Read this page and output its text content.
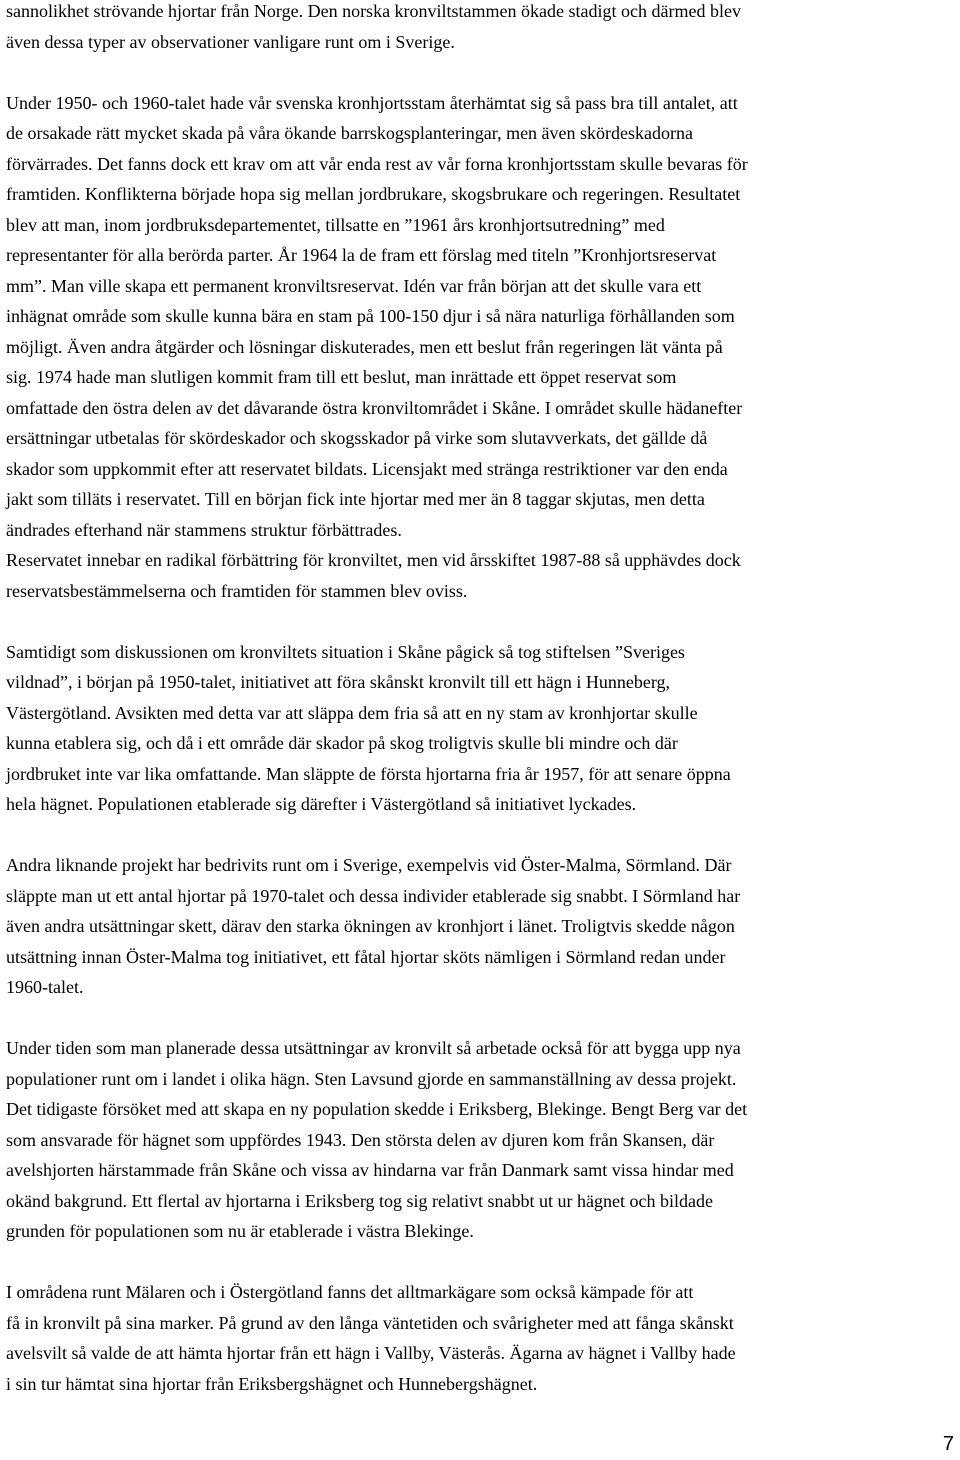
sannolikhet strövande hjortar från Norge. Den norska kronviltstammen ökade stadigt och därmed blev
även dessa typer av observationer vanligare runt om i Sverige.

Under 1950- och 1960-talet hade vår svenska kronhjortsstam återhämtat sig så pass bra till antalet, att
de orsakade rätt mycket skada på våra ökande barrskogsplanteringar, men även skördeskadorna
förvärrades. Det fanns dock ett krav om att vår enda rest av vår forna kronhjortsstam skulle bevaras för
framtiden. Konflikterna började hopa sig mellan jordbrukare, skogsbrukare och regeringen. Resultatet
blev att man, inom jordbruksdepartementet, tillsatte en ”1961 års kronhjortsutredning” med
representanter för alla berörda parter. År 1964 la de fram ett förslag med titeln ”Kronhjortsreservat
mm”. Man ville skapa ett permanent kronviltsreservat. Idén var från början att det skulle vara ett
inhägnat område som skulle kunna bära en stam på 100-150 djur i så nära naturliga förhållanden som
möjligt. Även andra åtgärder och lösningar diskuterades, men ett beslut från regeringen lät vänta på
sig. 1974 hade man slutligen kommit fram till ett beslut, man inrättade ett öppet reservat som
omfattade den östra delen av det dåvarande östra kronviltområdet i Skåne. I området skulle hädanefter
ersättningar utbetalas för skördeskador och skogsskador på virke som slutavverkats, det gällde då
skador som uppkommit efter att reservatet bildats. Licensjakt med stränga restriktioner var den enda
jakt som tilläts i reservatet. Till en början fick inte hjortar med mer än 8 taggar skjutas, men detta
ändrades efterhand när stammens struktur förbättrades.

Reservatet innebar en radikal förbättring för kronviltet, men vid årsskiftet 1987-88 så upphävdes dock
reservatsbestämmelserna och framtiden för stammen blev oviss.

Samtidigt som diskussionen om kronviltets situation i Skåne pågick så tog stiftelsen ”Sveriges
vildnad”, i början på 1950-talet, initiativet att föra skånskt kronvilt till ett hägn i Hunneberg,
Västergötland. Avsikten med detta var att släppa dem fria så att en ny stam av kronhjortar skulle
kunna etablera sig, och då i ett område där skador på skog troligtvis skulle bli mindre och där
jordbruket inte var lika omfattande. Man släppte de första hjortarna fria år 1957, för att senare öppna
hela hägnet. Populationen etablerade sig därefter i Västergötland så initiativet lyckades.

Andra liknande projekt har bedrivits runt om i Sverige, exempelvis vid Öster-Malma, Sörmland. Där
släppte man ut ett antal hjortar på 1970-talet och dessa individer etablerade sig snabbt. I Sörmland har
även andra utsättningar skett, därav den starka ökningen av kronhjort i länet. Troligtvis skedde någon
utsättning innan Öster-Malma tog initiativet, ett fåtal hjortar sköts nämligen i Sörmland redan under
1960-talet.

Under tiden som man planerade dessa utsättningar av kronvilt så arbetade också för att bygga upp nya
populationer runt om i landet i olika hägn. Sten Lavsund gjorde en sammanställning av dessa projekt.
Det tidigaste försöket med att skapa en ny population skedde i Eriksberg, Blekinge. Bengt Berg var det
som ansvarade för hägnet som uppfördes 1943. Den största delen av djuren kom från Skansen, där
avelshjorten härstammade från Skåne och vissa av hindarna var från Danmark samt vissa hindar med
okänd bakgrund. Ett flertal av hjortarna i Eriksberg tog sig relativt snabbt ut ur hägnet och bildade
grunden för populationen som nu är etablerade i västra Blekinge.

I områdena runt Mälaren och i Östergötland fanns det alltmarkägare som också kämpade för att
få in kronvilt på sina marker. På grund av den långa väntetiden och svårigheter med att fånga skånskt
avelsvilt så valde de att hämta hjortar från ett hägn i Vallby, Västerås. Ägarna av hägnet i Vallby hade
i sin tur hämtat sina hjortar från Eriksbergshägnet och Hunnebergshägnet.

7
